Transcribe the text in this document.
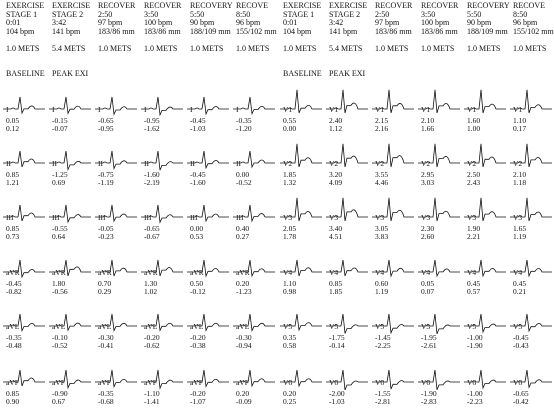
EXERCISE
STAGE 1
0:01
104 bpm

1.0 METS
BASELINE
I
0.05
0.12
II
0.85
1.21
III
0.85
0.73
aVR
-0.45
-0.82
aVL
-0.35
-0.48
aVF
0.85
0.90
EXERCISE
STAGE 2
3:42
141 bpm

5.4 METS
PEAK EXI
I
-0.15
-0.07
II
-1.25
0.69
III
-0.55
0.64
aVR
1.80
-0.56
aVL
-0.10
-0.52
aVF
-0.90
0.67
RECOVER
2:50
97 bpm
183/86 mm

1.0 METS
I
-0.65
-0.95
II
-0.75
-1.19
III
-0.05
-0.23
aVR
0.70
0.29
aVL
-0.30
-0.41
aVF
-0.35
-0.68
RECOVER
3:50
100 bpm
183/86 mm

1.0 METS
I
-0.95
-1.62
II
-1.60
-2.19
III
-0.65
-0.67
aVR
1.30
1.02
aVL
-0.20
-0.62
aVF
-1.10
-1.41
RECOVERY
5:50
90 bpm
188/109 mm

1.0 METS
I
-0.45
-1.03
II
-0.45
-1.60
III
0.00
0.53
aVR
0.50
-0.12
aVL
-0.20
-0.38
aVF
-0.20
-1.07
RECOVE
8:50
96 bpm
155/102 mm

1.0 METS
I
-0.35
-1.20
II
0.00
-0.52
III
0.40
0.27
aVR
0.20
-1.23
aVL
-0.30
-0.94
aVF
0.20
-0.09
EXERCISE
STAGE 1
0:01
104 bpm

1.0 METS
BASELINE
V1
0.55
0.00
V2
1.85
1.32
V3
2.05
1.78
V4
1.10
0.98
V5
0.35
0.58
V6
0.20
0.25
EXERCISE
STAGE 2
3:42
141 bpm

5.4 METS
PEAK EXI
V1
2.40
1.12
V2
3.20
4.09
V3
3.40
4.51
V4
0.85
1.85
V5
-1.75
-0.14
V6
-2.00
-1.03
RECOVER
2:50
97 bpm
183/86 mm

1.0 METS
V1
2.15
2.16
V2
3.55
4.46
V3
3.05
3.83
V4
0.60
1.19
V5
-1.45
-2.25
V6
-1.55
-2.81
RECOVER
3:50
100 bpm
183/86 mm

1.0 METS
V1
2.10
1.66
V2
2.95
3.03
V3
2.30
2.60
V4
0.05
0.07
V5
-1.95
-2.61
V6
-1.90
-2.83
RECOVERY
5:50
90 bpm
188/109 mm

1.0 METS
V1
1.60
1.00
V2
2.50
2.43
V3
1.90
2.21
V4
0.45
0.57
V5
-1.00
-1.90
V6
-1.00
-2.23
RECOVE
8:50
96 bpm
155/102 mm

1.0 METS
V1
1.10
0.17
V2
2.10
1.18
V3
1.65
1.19
V4
0.45
0.21
V5
-0.45
-0.43
V6
-0.65
-0.42
